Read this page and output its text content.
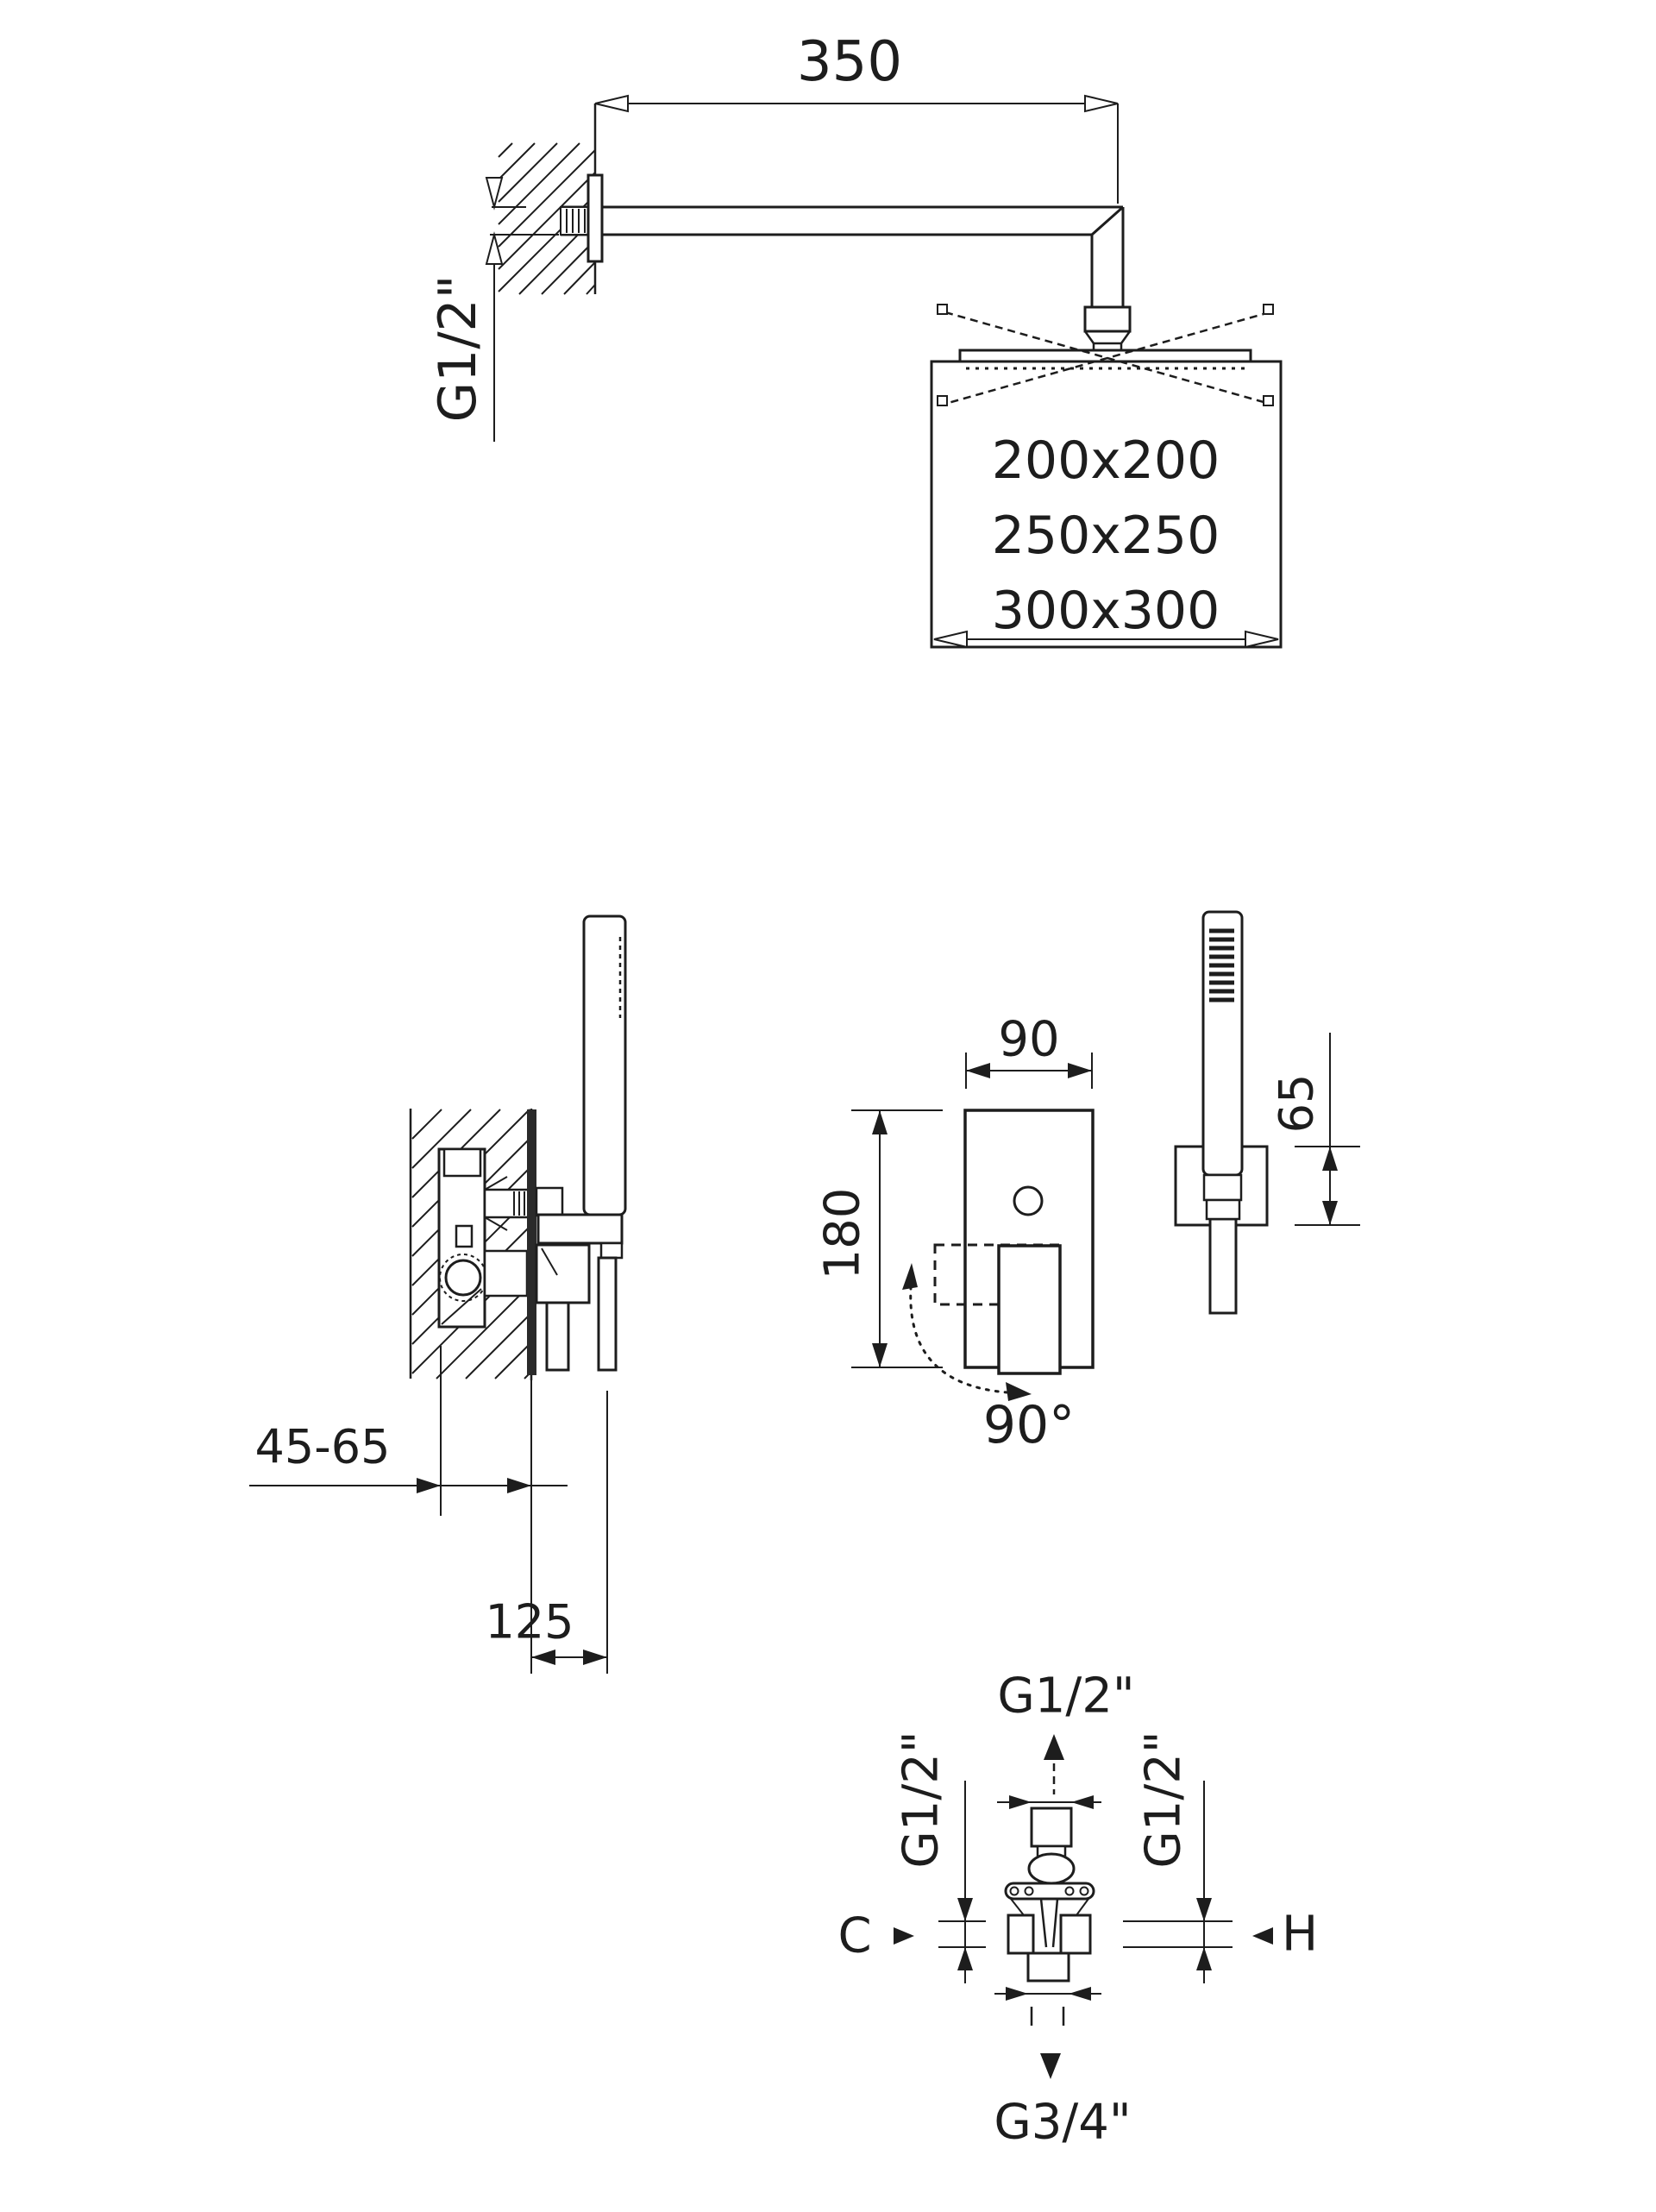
350
G1/2"
200x200
250x250
300x300
45-65
125
90
180
90°
65
G1/2"
G3/4"
G1/2"
C
G1/2"
H
